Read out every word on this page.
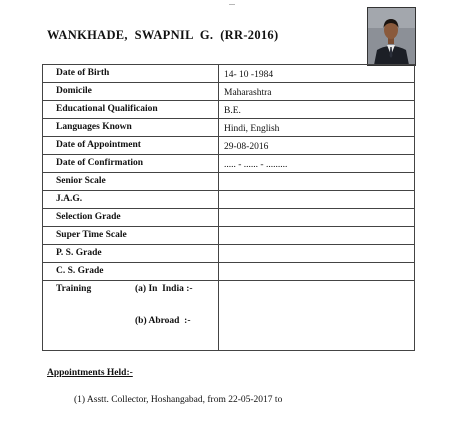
...
WANKHADE,  SWAPNIL  G.  (RR-2016)
Date of Birth	14- 10 -1984
Domicile	Maharashtra
Educational Qualificaion	B.E.
Languages Known	Hindi, English
Date of Appointment	29-08-2016
Date of Confirmation	..... - ...... - .........
Senior Scale	
J.A.G.	
Selection Grade	
Super Time Scale	
P. S. Grade	
C. S. Grade	

Training (a) In  India :-
(b) Abroad  :-	

Appointments Held:-
(1) Asstt. Collector, Hoshangabad, from 22-05-2017 to
